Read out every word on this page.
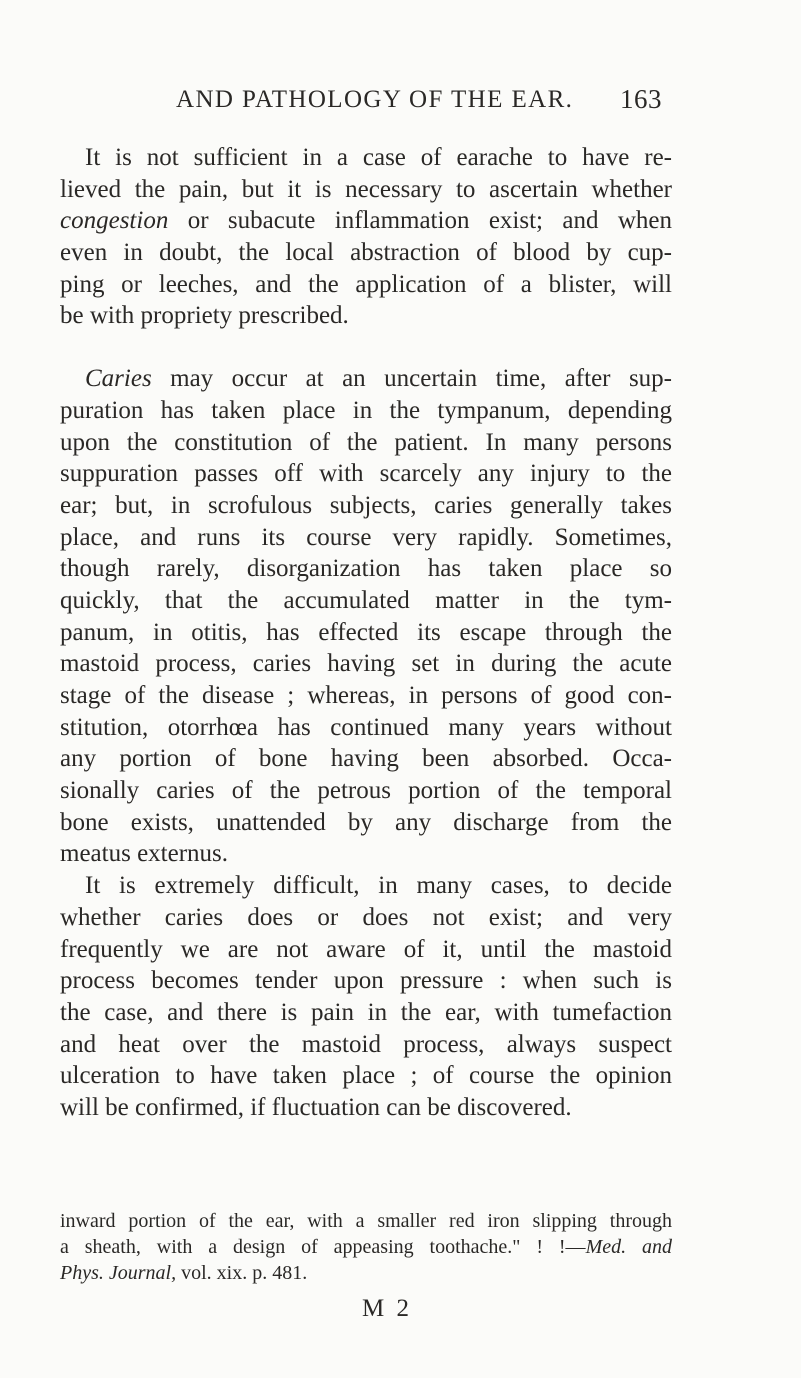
AND PATHOLOGY OF THE EAR.	163
 It is not sufficient in a case of earache to have re-
lieved the pain, but it is necessary to ascertain whether
congestion or subacute inflammation exist; and when
even in doubt, the local abstraction of blood by cup-
ping or leeches, and the application of a blister, will
be with propriety prescribed.
 Caries may occur at an uncertain time, after sup-
puration has taken place in the tympanum, depending
upon the constitution of the patient. In many persons
suppuration passes off with scarcely any injury to the
ear; but, in scrofulous subjects, caries generally takes
place, and runs its course very rapidly. Sometimes,
though rarely, disorganization has taken place so
quickly, that the accumulated matter in the tym-
panum, in otitis, has effected its escape through the
mastoid process, caries having set in during the acute
stage of the disease ; whereas, in persons of good con-
stitution, otorrhœa has continued many years without
any portion of bone having been absorbed. Occa-
sionally caries of the petrous portion of the temporal
bone exists, unattended by any discharge from the
meatus externus.
 It is extremely difficult, in many cases, to decide
whether caries does or does not exist; and very
frequently we are not aware of it, until the mastoid
process becomes tender upon pressure : when such is
the case, and there is pain in the ear, with tumefaction
and heat over the mastoid process, always suspect
ulceration to have taken place ; of course the opinion
will be confirmed, if fluctuation can be discovered.
inward portion of the ear, with a smaller red iron slipping through
a sheath, with a design of appeasing toothache." ! !—Med. and
Phys. Journal, vol. xix. p. 481.
M 2
